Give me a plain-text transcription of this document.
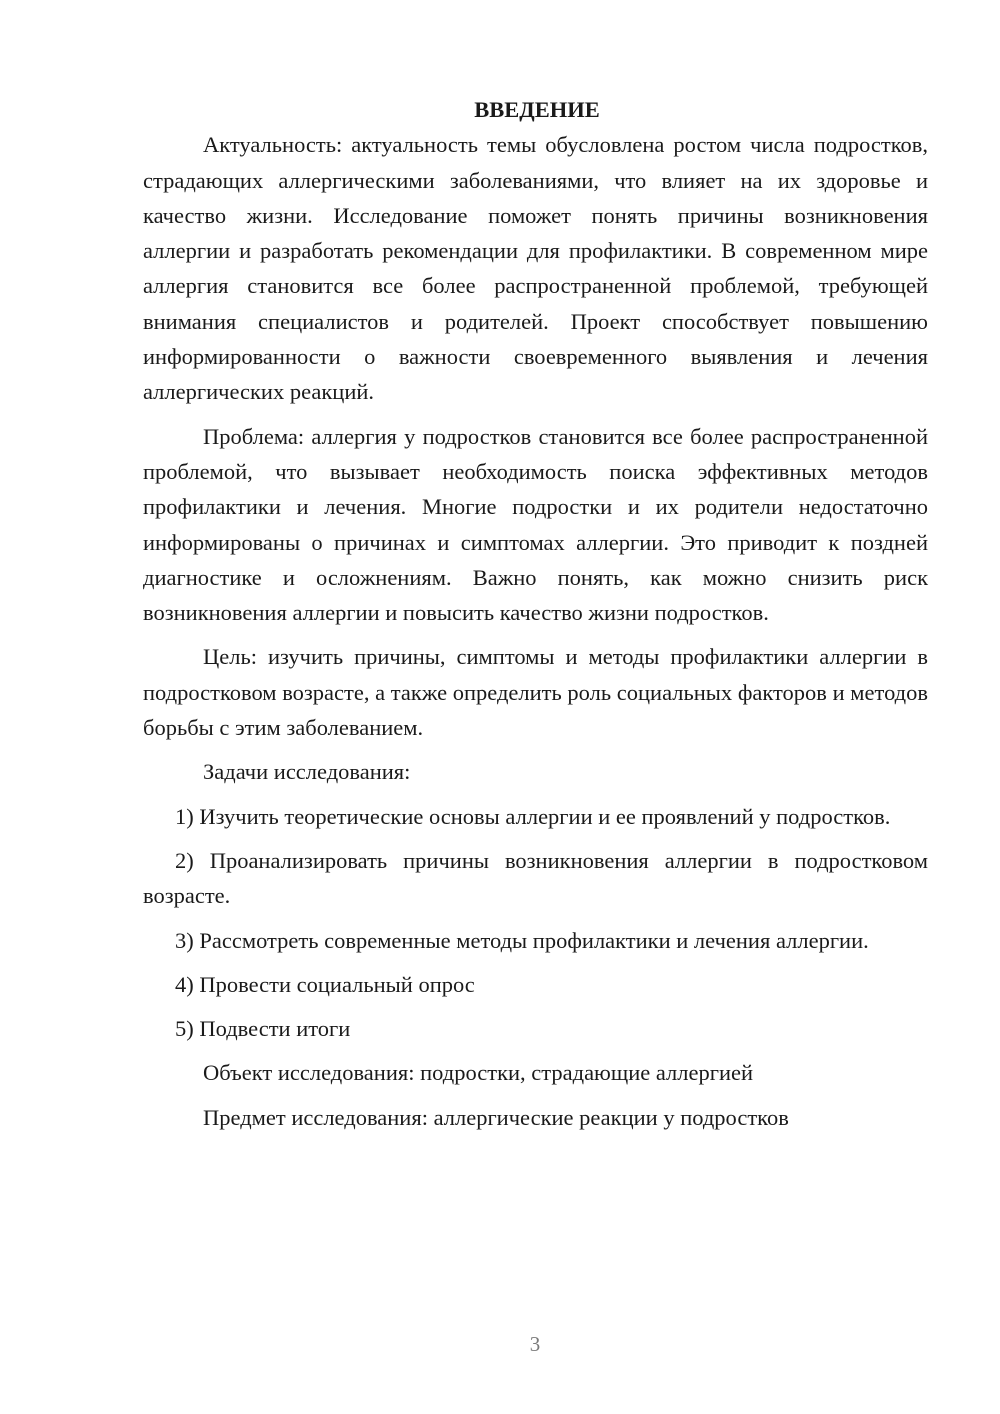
ВВЕДЕНИЕ

Актуальность: актуальность темы обусловлена ростом числа подростков, страдающих аллергическими заболеваниями, что влияет на их здоровье и качество жизни. Исследование поможет понять причины возникновения аллергии и разработать рекомендации для профилактики. В современном мире аллергия становится все более распространенной проблемой, требующей внимания специалистов и родителей. Проект способствует повышению информированности о важности своевременного выявления и лечения аллергических реакций.

Проблема: аллергия у подростков становится все более распространенной проблемой, что вызывает необходимость поиска эффективных методов профилактики и лечения. Многие подростки и их родители недостаточно информированы о причинах и симптомах аллергии. Это приводит к поздней диагностике и осложнениям. Важно понять, как можно снизить риск возникновения аллергии и повысить качество жизни подростков.

Цель: изучить причины, симптомы и методы профилактики аллергии в подростковом возрасте, а также определить роль социальных факторов и методов борьбы с этим заболеванием.

Задачи исследования:

1) Изучить теоретические основы аллергии и ее проявлений у подростков.

2) Проанализировать причины возникновения аллергии в подростковом возрасте.

3) Рассмотреть современные методы профилактики и лечения аллергии.

4) Провести социальный опрос

5) Подвести итоги

Объект исследования: подростки, страдающие аллергией

Предмет исследования: аллергические реакции у подростков

3
